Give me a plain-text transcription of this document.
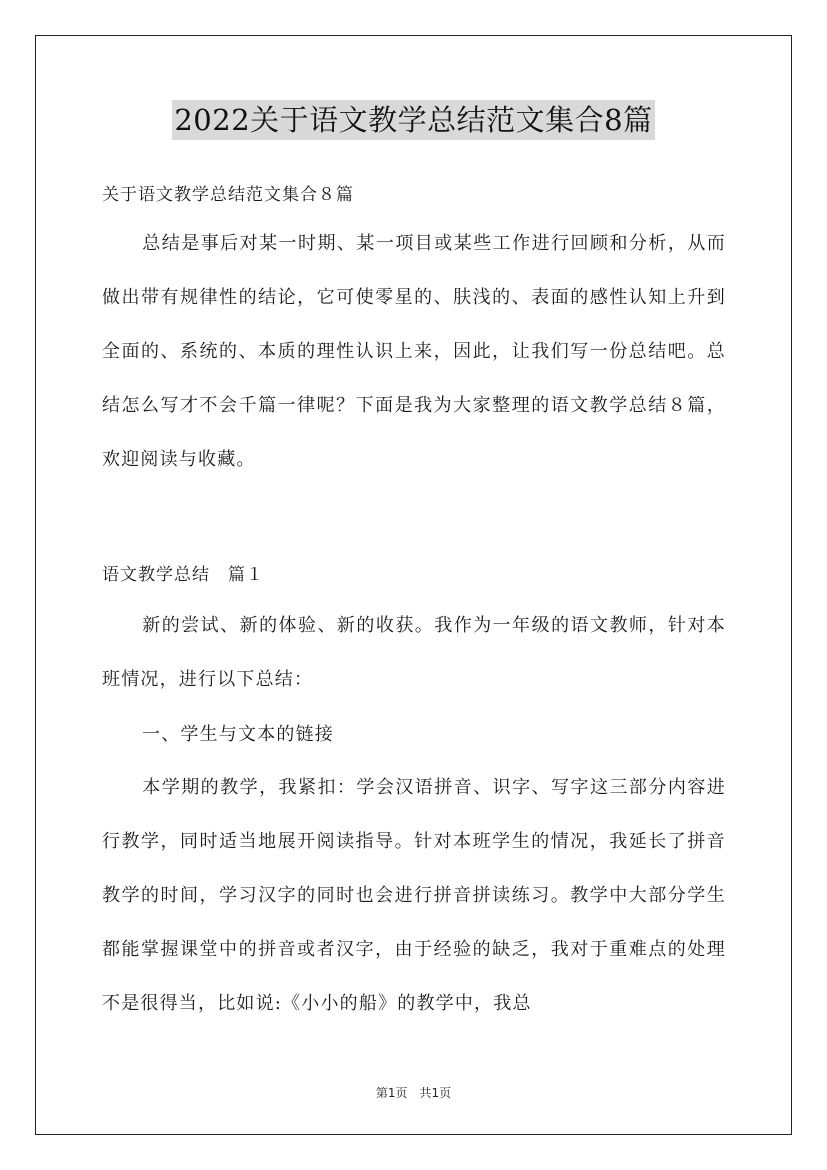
2022关于语文教学总结范文集合8篇
关于语文教学总结范文集合８篇
总结是事后对某一时期、某一项目或某些工作进行回顾和分析，从而做出带有规律性的结论，它可使零星的、肤浅的、表面的感性认知上升到全面的、系统的、本质的理性认识上来，因此，让我们写一份总结吧。总结怎么写才不会千篇一律呢？下面是我为大家整理的语文教学总结８篇，欢迎阅读与收藏。
语文教学总结　篇１
新的尝试、新的体验、新的收获。我作为一年级的语文教师，针对本班情况，进行以下总结：
一、学生与文本的链接
本学期的教学，我紧扣：学会汉语拼音、识字、写字这三部分内容进行教学，同时适当地展开阅读指导。针对本班学生的情况，我延长了拼音教学的时间，学习汉字的同时也会进行拼音拼读练习。教学中大部分学生都能掌握课堂中的拼音或者汉字，由于经验的缺乏，我对于重难点的处理不是很得当，比如说:《小小的船》的教学中，我总
第1页　共1页
